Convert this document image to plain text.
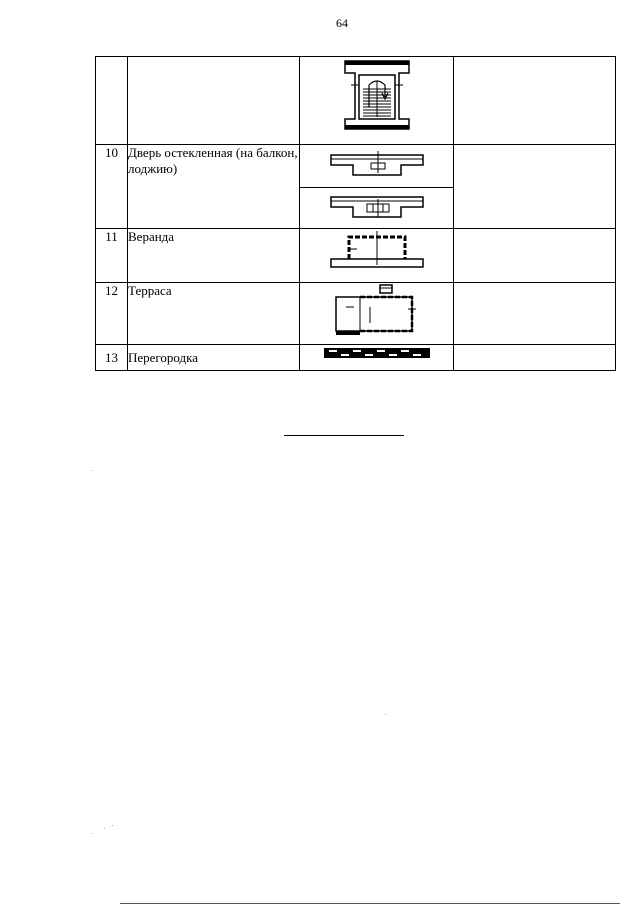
64

10	Дверь остекленная (на балкон, лоджию)	

11	Веранда	

12	Терраса	

13	Перегородка	
